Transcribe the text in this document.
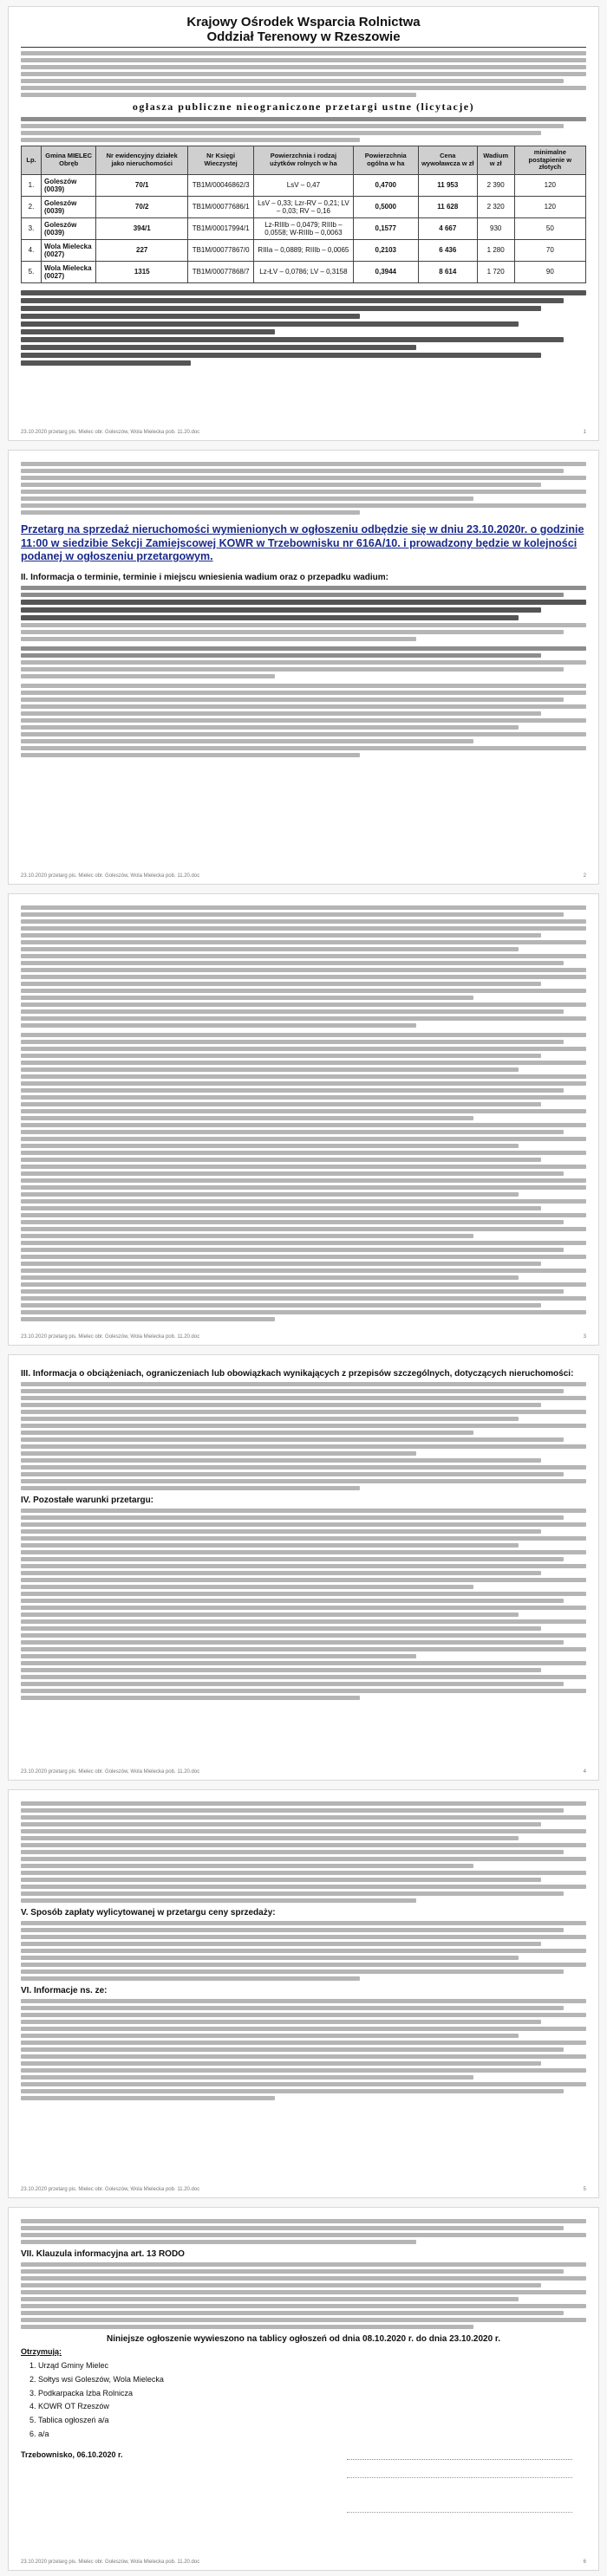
Krajowy Ośrodek Wsparcia Rolnictwa
Oddział Terenowy w Rzeszowie
ogłasza publiczne nieograniczone przetargi ustne (licytacje)
Lp.	Gmina MIELEC Obręb	Nr ewidencyjny działek jako nieruchomości	Nr Księgi Wieczystej	Powierzchnia i rodzaj użytków rolnych w ha	Powierzchnia ogólna w ha	Cena wywoławcza w zł	Wadium w zł	minimalne postąpienie w złotych
1.	Goleszów (0039)	70/1	TB1M/00046862/3	LsV – 0,47	0,4700	11 953	2 390	120
2.	Goleszów (0039)	70/2	TB1M/00077686/1	LsV – 0,33; Lzr-RV – 0,21; LV – 0,03; RV – 0,16	0,5000	11 628	2 320	120
3.	Goleszów (0039)	394/1	TB1M/00017994/1	Lz-RIIIb – 0,0479; RIIIb – 0,0558; W-RIIIb – 0,0063	0,1577	4 667	930	50
4.	Wola Mielecka (0027)	227	TB1M/00077867/0	RIIIa – 0,0889; RIIIb – 0,0065	0,2103	6 436	1 280	70
5.	Wola Mielecka (0027)	1315	TB1M/00077868/7	Lz-ŁV – 0,0786; LV – 0,3158	0,3944	8 614	1 720	90
23.10.2020 przetarg pis. Mielec obr. Goleszów, Wola Mielecka pob. 11.20.doc	1
Przetarg na sprzedaż nieruchomości wymienionych w ogłoszeniu odbędzie się w dniu 23.10.2020r. o godzinie 11:00 w siedzibie Sekcji Zamiejscowej KOWR w Trzebownisku nr 616A/10. i prowadzony będzie w kolejności podanej w ogłoszeniu przetargowym.
II. Informacja o terminie, terminie i miejscu wniesienia wadium oraz o przepadku wadium:
23.10.2020 przetarg pis. Mielec obr. Goleszów, Wola Mielecka pob. 11.20.doc	2
23.10.2020 przetarg pis. Mielec obr. Goleszów, Wola Mielecka pob. 11.20.doc	3
III. Informacja o obciążeniach, ograniczeniach lub obowiązkach wynikających z przepisów szczególnych, dotyczących nieruchomości:
IV. Pozostałe warunki przetargu:
23.10.2020 przetarg pis. Mielec obr. Goleszów, Wola Mielecka pob. 11.20.doc	4
V. Sposób zapłaty wylicytowanej w przetargu ceny sprzedaży:
VI. Informacje ns. ze:
23.10.2020 przetarg pis. Mielec obr. Goleszów, Wola Mielecka pob. 11.20.doc	5
VII. Klauzula informacyjna art. 13 RODO
Niniejsze ogłoszenie wywieszono na tablicy ogłoszeń od dnia 08.10.2020 r. do dnia 23.10.2020 r.
Otrzymują:
1. Urząd Gminy Mielec
2. Sołtys wsi Goleszów, Wola Mielecka
3. Podkarpacka Izba Rolnicza
4. KOWR OT Rzeszów
5. Tablica ogłoszeń a/a
6. a/a
Trzebownisko, 06.10.2020 r.
23.10.2020 przetarg pis. Mielec obr. Goleszów, Wola Mielecka pob. 11.20.doc	6
